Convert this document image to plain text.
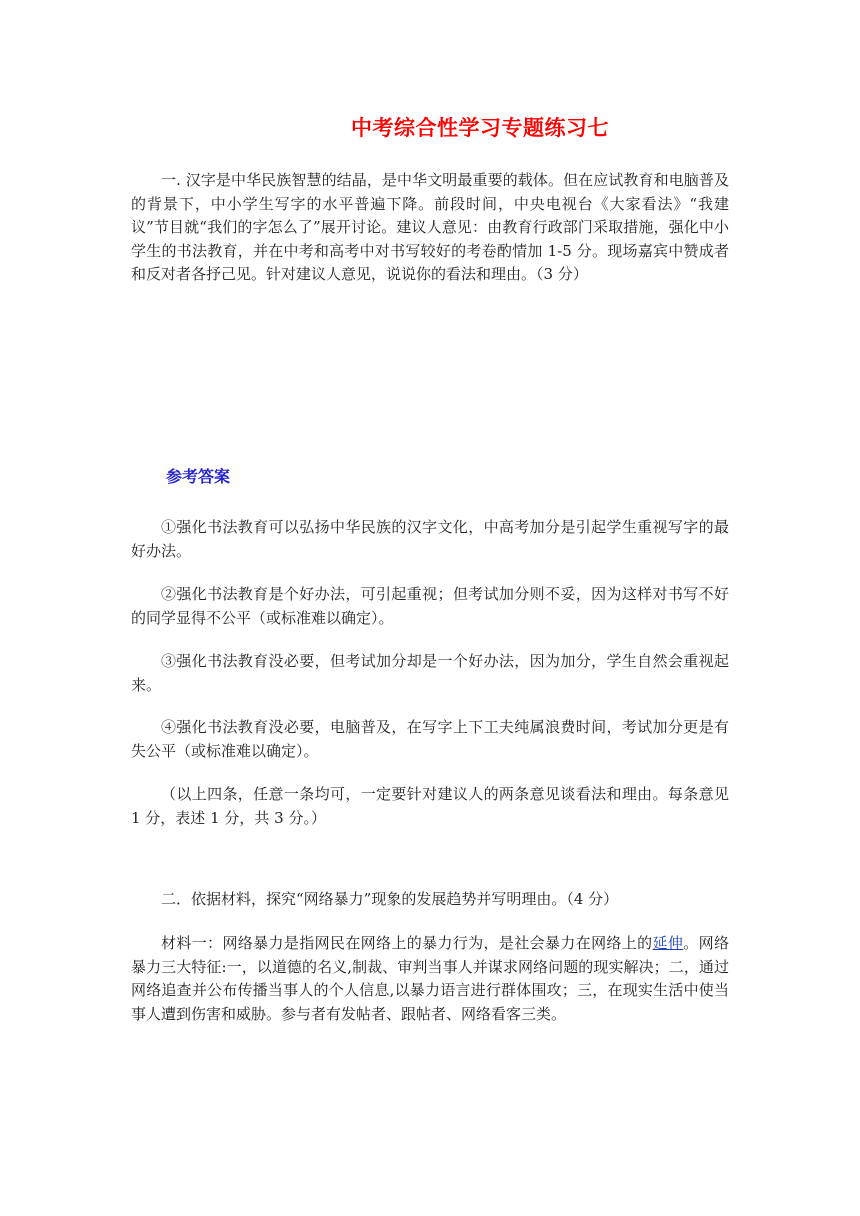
中考综合性学习专题练习七

一. 汉字是中华民族智慧的结晶，是中华文明最重要的载体。但在应试教育和电脑普及的背景下，中小学生写字的水平普遍下降。前段时间，中央电视台《大家看法》“我建议”节目就“我们的字怎么了”展开讨论。建议人意见：由教育行政部门采取措施，强化中小学生的书法教育，并在中考和高考中对书写较好的考卷酌情加 1-5 分。现场嘉宾中赞成者和反对者各抒己见。针对建议人意见，说说你的看法和理由。（3 分）

参考答案

①强化书法教育可以弘扬中华民族的汉字文化，中高考加分是引起学生重视写字的最好办法。

②强化书法教育是个好办法，可引起重视；但考试加分则不妥，因为这样对书写不好的同学显得不公平（或标准难以确定）。

③强化书法教育没必要，但考试加分却是一个好办法，因为加分，学生自然会重视起来。

④强化书法教育没必要，电脑普及，在写字上下工夫纯属浪费时间，考试加分更是有失公平（或标准难以确定）。

（以上四条，任意一条均可，一定要针对建议人的两条意见谈看法和理由。每条意见 1 分，表述 1 分，共 3 分。）

二．依据材料，探究“网络暴力”现象的发展趋势并写明理由。（4 分）

材料一：网络暴力是指网民在网络上的暴力行为，是社会暴力在网络上的延伸。网络暴力三大特征:一，以道德的名义,制裁、审判当事人并谋求网络问题的现实解决；二，通过网络追查并公布传播当事人的个人信息,以暴力语言进行群体围攻；三，在现实生活中使当事人遭到伤害和威胁。参与者有发帖者、跟帖者、网络看客三类。
